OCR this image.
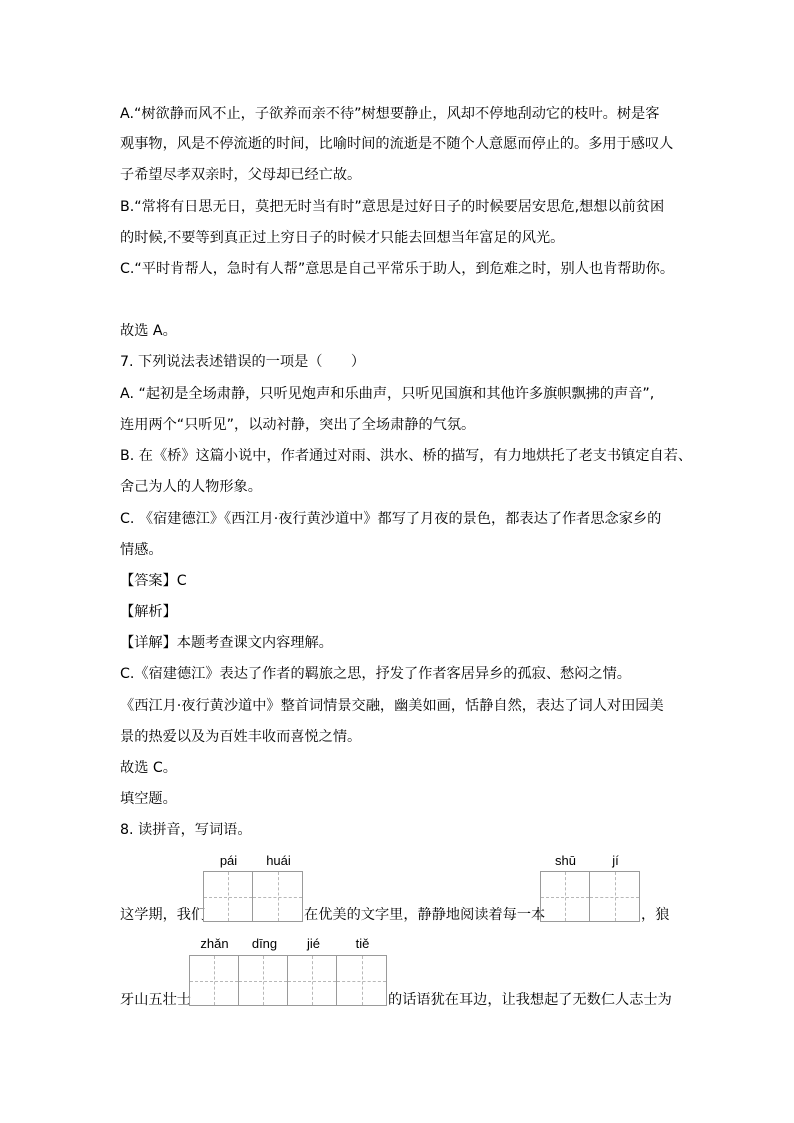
A.“树欲静而风不止，子欲养而亲不待”树想要静止，风却不停地刮动它的枝叶。树是客
观事物，风是不停流逝的时间，比喻时间的流逝是不随个人意愿而停止的。多用于感叹人
子希望尽孝双亲时，父母却已经亡故。
B.“常将有日思无日，莫把无时当有时”意思是过好日子的时候要居安思危,想想以前贫困
的时候,不要等到真正过上穷日子的时候才只能去回想当年富足的风光。
C.“平时肯帮人，急时有人帮”意思是自己平常乐于助人，到危难之时，别人也肯帮助你。
故选 A。
7. 下列说法表述错误的一项是（　　）
A. “起初是全场肃静，只听见炮声和乐曲声，只听见国旗和其他许多旗帜飘拂的声音”,
连用两个“只听见”，以动衬静，突出了全场肃静的气氛。
B. 在《桥》这篇小说中，作者通过对雨、洪水、桥的描写，有力地烘托了老支书镇定自若、
舍己为人的人物形象。
C. 《宿建德江》《西江月·夜行黄沙道中》都写了月夜的景色，都表达了作者思念家乡的
情感。
【答案】C
【解析】
【详解】本题考查课文内容理解。
C.《宿建德江》表达了作者的羁旅之思，抒发了作者客居异乡的孤寂、愁闷之情。
《西江月·夜行黄沙道中》整首词情景交融，幽美如画，恬静自然，表达了词人对田园美
景的热爱以及为百姓丰收而喜悦之情。
故选 C。
填空题。
8. 读拼音，写词语。
pái	huái	shū	jí
这学期，我们	在优美的文字里，静静地阅读着每一本	，狼
zhǎn	dīng	jié	tiě
牙山五壮士	的话语犹在耳边，让我想起了无数仁人志士为
